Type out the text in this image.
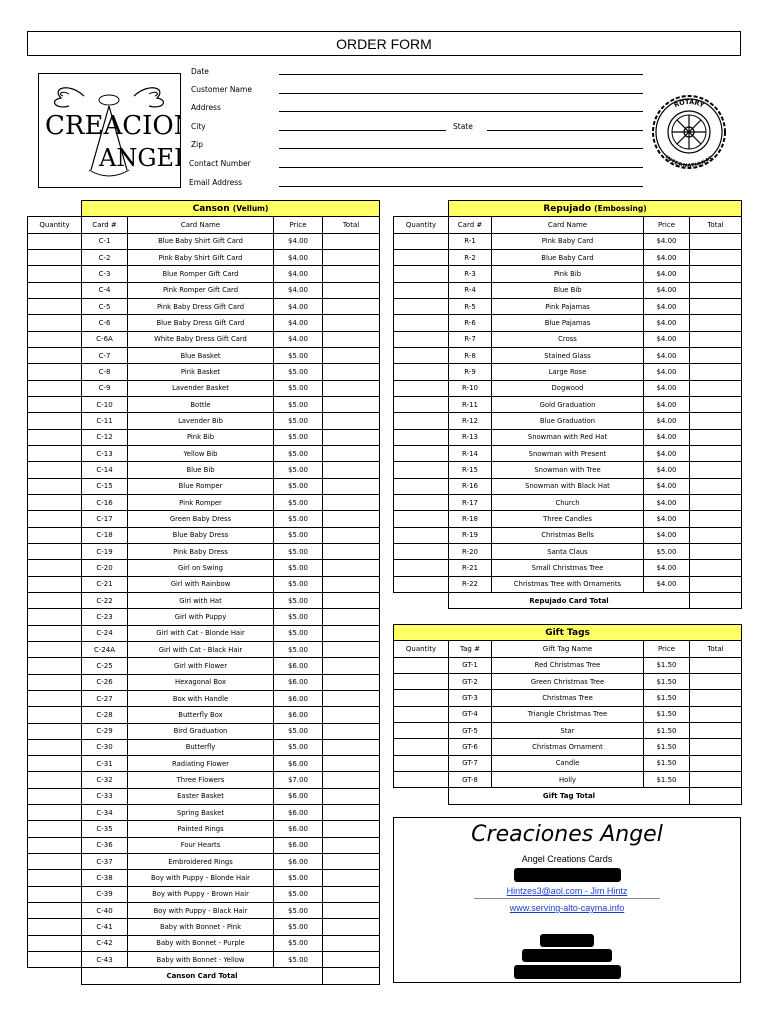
ORDER FORM
CREACIO
ANGE
Date
Customer Name
Address
City
Zip
Contact Number
Email Address
State
ROTARY
INTERNATIONAL
	Canson (Vellum)			
Quantity	Card #	Card Name	Price	Total
	C-1	Blue Baby Shirt Gift Card	$4.00	
	C-2	Pink Baby Shirt Gift Card	$4.00	
	C-3	Blue Romper Gift Card	$4.00	
	C-4	Pink Romper Gift Card	$4.00	
	C-5	Pink Baby Dress Gift Card	$4.00	
	C-6	Blue Baby Dress Gift Card	$4.00	
	C-6A	White Baby Dress Gift Card	$4.00	
	C-7	Blue Basket	$5.00	
	C-8	Pink Basket	$5.00	
	C-9	Lavender Basket	$5.00	
	C-10	Bottle	$5.00	
	C-11	Lavender Bib	$5.00	
	C-12	Pink Bib	$5.00	
	C-13	Yellow Bib	$5.00	
	C-14	Blue Bib	$5.00	
	C-15	Blue Romper	$5.00	
	C-16	Pink Romper	$5.00	
	C-17	Green Baby Dress	$5.00	
	C-18	Blue Baby Dress	$5.00	
	C-19	Pink Baby Dress	$5.00	
	C-20	Girl on Swing	$5.00	
	C-21	Girl with Rainbow	$5.00	
	C-22	Girl with Hat	$5.00	
	C-23	Girl with Puppy	$5.00	
	C-24	Girl with Cat - Blonde Hair	$5.00	
	C-24A	Girl with Cat - Black Hair	$5.00	
	C-25	Girl with Flower	$6.00	
	C-26	Hexagonal Box	$6.00	
	C-27	Box with Handle	$6.00	
	C-28	Butterfly Box	$6.00	
	C-29	Bird Graduation	$5.00	
	C-30	Butterfly	$5.00	
	C-31	Radiating Flower	$6.00	
	C-32	Three Flowers	$7.00	
	C-33	Easter Basket	$6.00	
	C-34	Spring Basket	$6.00	
	C-35	Painted Rings	$6.00	
	C-36	Four Hearts	$6.00	
	C-37	Embroidered Rings	$6.00	
	C-38	Boy with Puppy - Blonde Hair	$5.00	
	C-39	Boy with Puppy - Brown Hair	$5.00	
	C-40	Boy with Puppy - Black Hair	$5.00	
	C-41	Baby with Bonnet - Pink	$5.00	
	C-42	Baby with Bonnet - Purple	$5.00	
	C-43	Baby with Bonnet - Yellow	$5.00	
	Canson Card Total			
	Repujado (Embossing)			
Quantity	Card #	Card Name	Price	Total
	R-1	Pink Baby Card	$4.00	
	R-2	Blue Baby Card	$4.00	
	R-3	Pink Bib	$4.00	
	R-4	Blue Bib	$4.00	
	R-5	Pink Pajamas	$4.00	
	R-6	Blue Pajamas	$4.00	
	R-7	Cross	$4.00	
	R-8	Stained Glass	$4.00	
	R-9	Large Rose	$4.00	
	R-10	Dogwood	$4.00	
	R-11	Gold Graduation	$4.00	
	R-12	Blue Graduation	$4.00	
	R-13	Snowman with Red Hat	$4.00	
	R-14	Snowman with Present	$4.00	
	R-15	Snowman with Tree	$4.00	
	R-16	Snowman with Black Hat	$4.00	
	R-17	Church	$4.00	
	R-18	Three Candles	$4.00	
	R-19	Christmas Bells	$4.00	
	R-20	Santa Claus	$5.00	
	R-21	Small Christmas Tree	$4.00	
	R-22	Christmas Tree with Ornaments	$4.00	
	Repujado Card Total			
Gift Tags				
Quantity	Tag #	Gift Tag Name	Price	Total
	GT-1	Red Christmas Tree	$1.50	
	GT-2	Green Christmas Tree	$1.50	
	GT-3	Christmas Tree	$1.50	
	GT-4	Triangle Christmas Tree	$1.50	
	GT-5	Star	$1.50	
	GT-6	Christmas Ornament	$1.50	
	GT-7	Candle	$1.50	
	GT-8	Holly	$1.50	
	Gift Tag Total			
Creaciones Angel
Angel Creations Cards
Hintzes3@aol.com - Jim Hintz
www.serving-alto-cayma.info
